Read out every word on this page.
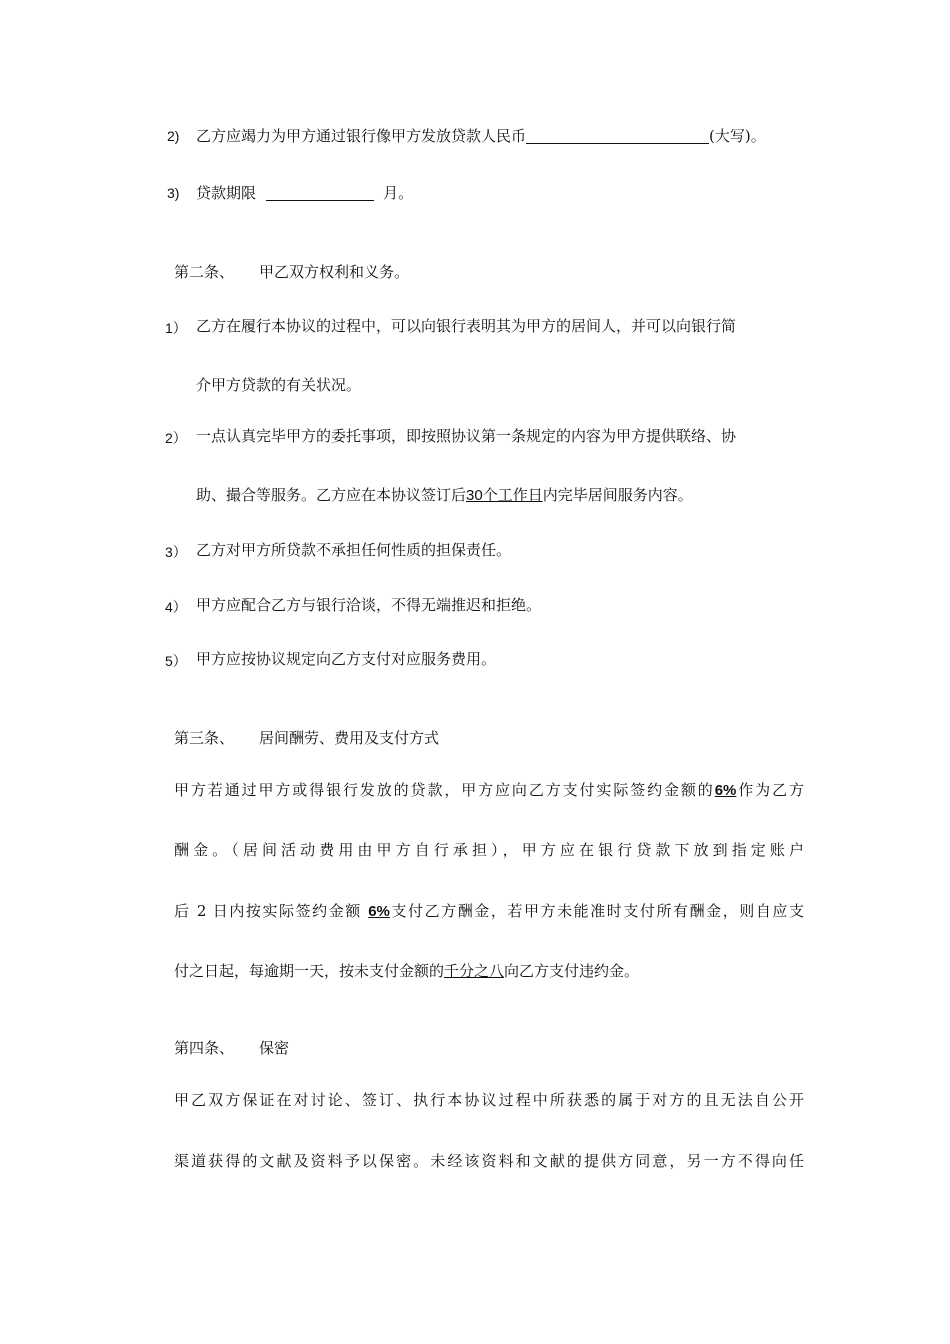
2) 乙方应竭力为甲方通过银行像甲方发放贷款人民币	(大写)。
3) 贷款期限	月。
第二条、 甲乙双方权利和义务。
1） 乙方在履行本协议的过程中，可以向银行表明其为甲方的居间人，并可以向银行简
介甲方贷款的有关状况。
2） 一点认真完毕甲方的委托事项，即按照协议第一条规定的内容为甲方提供联络、协
助、撮合等服务。乙方应在本协议签订后30个工作日内完毕居间服务内容。
3） 乙方对甲方所贷款不承担任何性质的担保责任。
4） 甲方应配合乙方与银行洽谈，不得无端推迟和拒绝。
5） 甲方应按协议规定向乙方支付对应服务费用。
第三条、 居间酬劳、费用及支付方式
甲方若通过甲方或得银行发放的贷款，甲方应向乙方支付实际签约金额的6%作为乙方
酬金。（居间活动费用由甲方自行承担），甲方应在银行贷款下放到指定账户
后 2 日内按实际签约金额 6%支付乙方酬金，若甲方未能准时支付所有酬金，则自应支
付之日起，每逾期一天，按未支付金额的千分之八向乙方支付违约金。
第四条、 保密
甲乙双方保证在对讨论、签订、执行本协议过程中所获悉的属于对方的且无法自公开
渠道获得的文献及资料予以保密。未经该资料和文献的提供方同意，另一方不得向任
